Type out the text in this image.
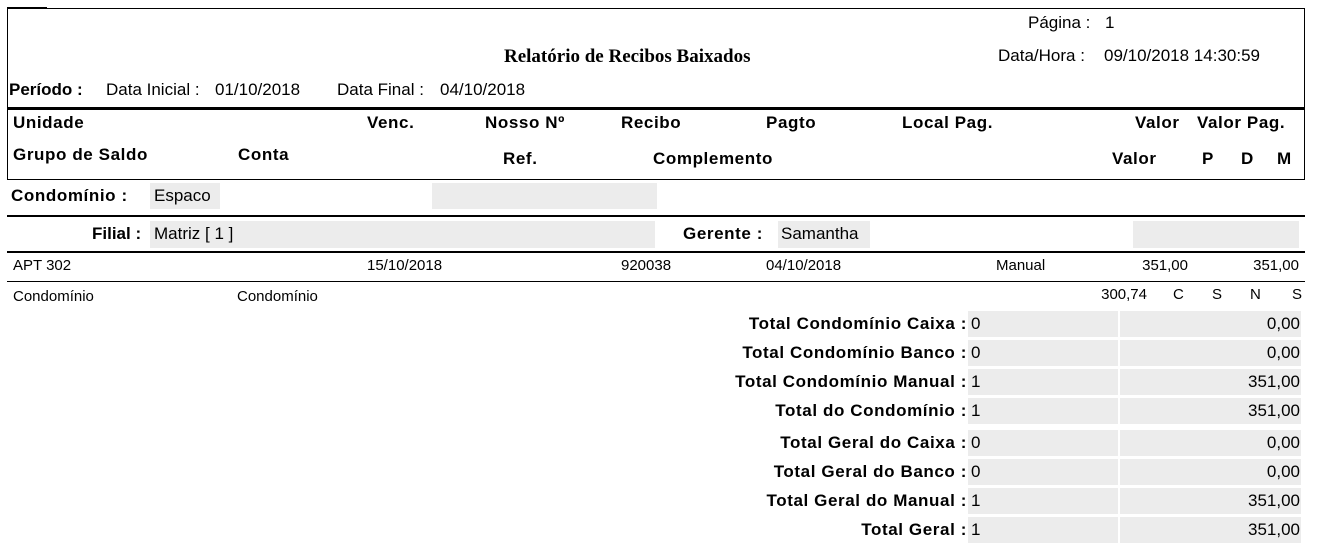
Página : 1
Relatório de Recibos Baixados	Data/Hora : 09/10/2018 14:30:59
Período : Data Inicial : 01/10/2018 Data Final : 04/10/2018
Unidade	Venc.	Nosso Nº	Recibo	Pagto	Local Pag.	Valor Valor Pag.
Grupo de Saldo	Conta	Ref.	Complemento	Valor	P D M
Condomínio : Espaco
Filial : Matriz [ 1 ]	Gerente : Samantha
APT 302	15/10/2018	920038	04/10/2018	Manual	351,00	351,00
Condomínio	Condomínio	300,74 C S N S
Total Condomínio Caixa : 0	0,00
Total Condomínio Banco : 0	0,00
Total Condomínio Manual : 1	351,00
Total do Condomínio : 1	351,00
Total Geral do Caixa : 0	0,00
Total Geral do Banco : 0	0,00
Total Geral do Manual : 1	351,00
Total Geral : 1	351,00
